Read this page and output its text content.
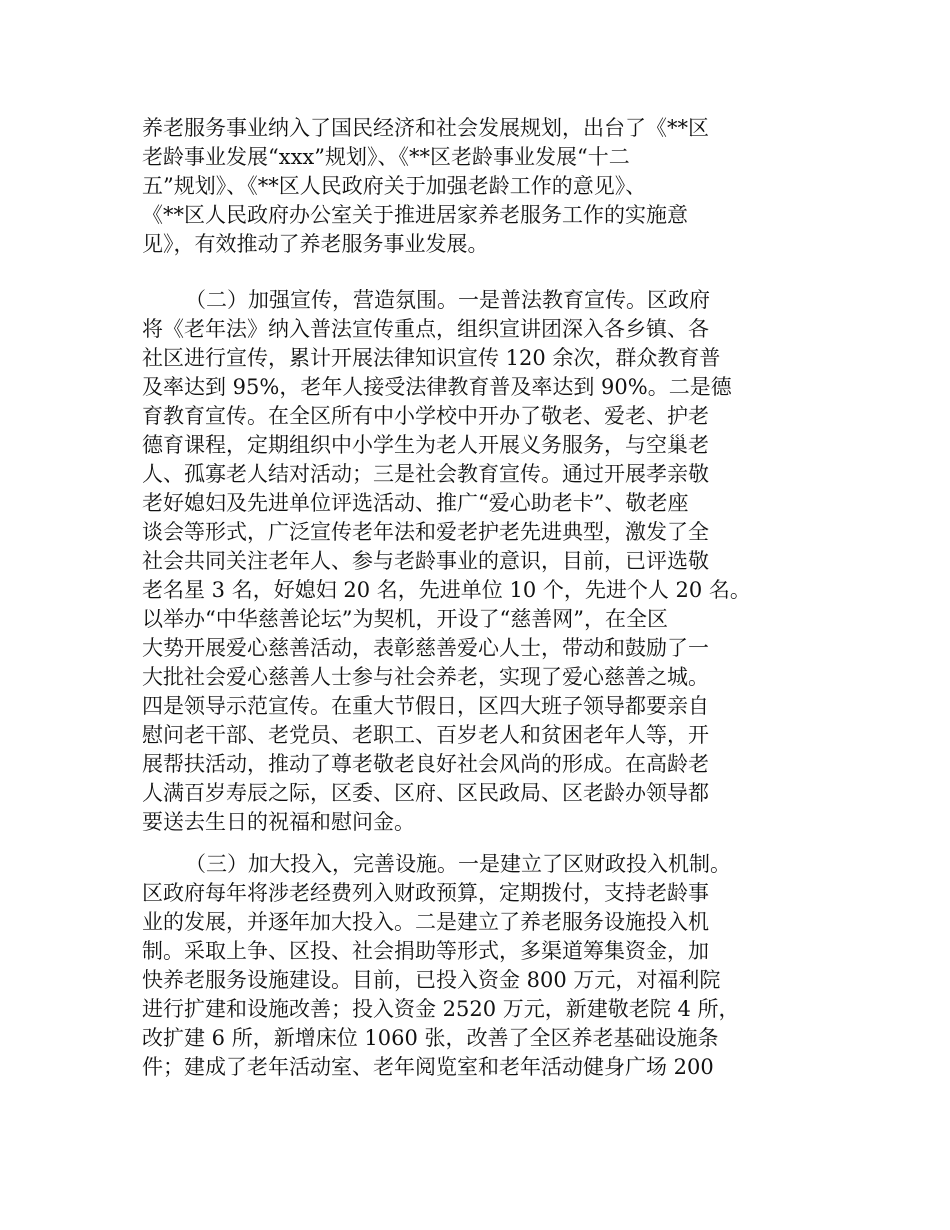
养老服务事业纳入了国民经济和社会发展规划，出台了《**区
老龄事业发展“xxx”规划》、《**区老龄事业发展“十二
五”规划》、《**区人民政府关于加强老龄工作的意见》、
《**区人民政府办公室关于推进居家养老服务工作的实施意
见》，有效推动了养老服务事业发展。
（二）加强宣传，营造氛围。一是普法教育宣传。区政府
将《老年法》纳入普法宣传重点，组织宣讲团深入各乡镇、各
社区进行宣传，累计开展法律知识宣传 120 余次，群众教育普
及率达到 95%，老年人接受法律教育普及率达到 90%。二是德
育教育宣传。在全区所有中小学校中开办了敬老、爱老、护老
德育课程，定期组织中小学生为老人开展义务服务，与空巢老
人、孤寡老人结对活动；三是社会教育宣传。通过开展孝亲敬
老好媳妇及先进单位评选活动、推广“爱心助老卡”、敬老座
谈会等形式，广泛宣传老年法和爱老护老先进典型，激发了全
社会共同关注老年人、参与老龄事业的意识，目前，已评选敬
老名星 3 名，好媳妇 20 名，先进单位 10 个，先进个人 20 名。
以举办“中华慈善论坛”为契机，开设了“慈善网”，在全区
大势开展爱心慈善活动，表彰慈善爱心人士，带动和鼓励了一
大批社会爱心慈善人士参与社会养老，实现了爱心慈善之城。
四是领导示范宣传。在重大节假日，区四大班子领导都要亲自
慰问老干部、老党员、老职工、百岁老人和贫困老年人等，开
展帮扶活动，推动了尊老敬老良好社会风尚的形成。在高龄老
人满百岁寿辰之际，区委、区府、区民政局、区老龄办领导都
要送去生日的祝福和慰问金。
（三）加大投入，完善设施。一是建立了区财政投入机制。
区政府每年将涉老经费列入财政预算，定期拨付，支持老龄事
业的发展，并逐年加大投入。二是建立了养老服务设施投入机
制。采取上争、区投、社会捐助等形式，多渠道筹集资金，加
快养老服务设施建设。目前，已投入资金 800 万元，对福利院
进行扩建和设施改善；投入资金 2520 万元，新建敬老院 4 所，
改扩建 6 所，新增床位 1060 张，改善了全区养老基础设施条
件；建成了老年活动室、老年阅览室和老年活动健身广场 200
